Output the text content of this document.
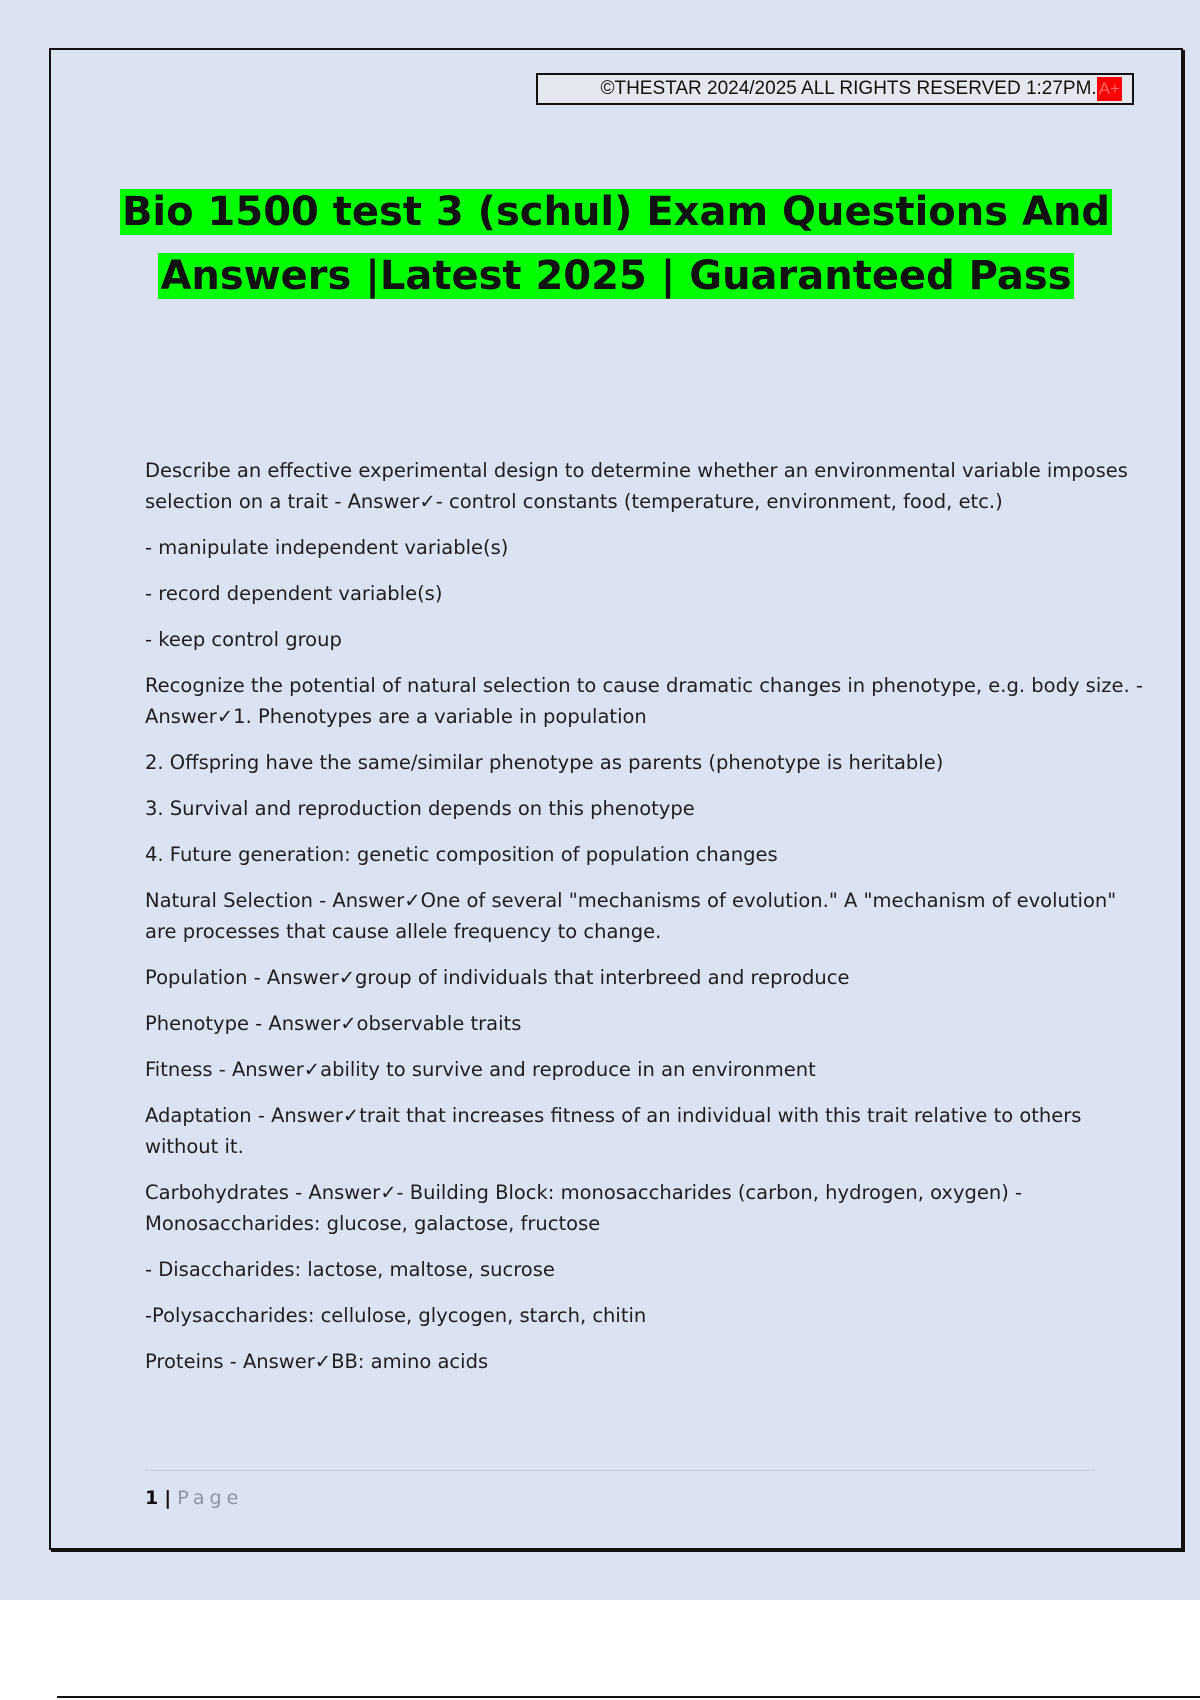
©THESTAR 2024/2025 ALL RIGHTS RESERVED 1:27PM. A+
Bio 1500 test 3 (schul) Exam Questions And
Answers |Latest 2025 | Guaranteed Pass

Describe an effective experimental design to determine whether an environmental variable imposes selection on a trait - Answer✓- control constants (temperature, environment, food, etc.)

- manipulate independent variable(s)

- record dependent variable(s)

- keep control group

Recognize the potential of natural selection to cause dramatic changes in phenotype, e.g. body size. - Answer✓1. Phenotypes are a variable in population

2. Offspring have the same/similar phenotype as parents (phenotype is heritable)

3. Survival and reproduction depends on this phenotype

4. Future generation: genetic composition of population changes

Natural Selection - Answer✓One of several "mechanisms of evolution." A "mechanism of evolution" are processes that cause allele frequency to change.

Population - Answer✓group of individuals that interbreed and reproduce

Phenotype - Answer✓observable traits

Fitness - Answer✓ability to survive and reproduce in an environment

Adaptation - Answer✓trait that increases fitness of an individual with this trait relative to others without it.

Carbohydrates - Answer✓- Building Block: monosaccharides (carbon, hydrogen, oxygen) - Monosaccharides: glucose, galactose, fructose

- Disaccharides: lactose, maltose, sucrose

-Polysaccharides: cellulose, glycogen, starch, chitin

Proteins - Answer✓BB: amino acids

1 | Page
